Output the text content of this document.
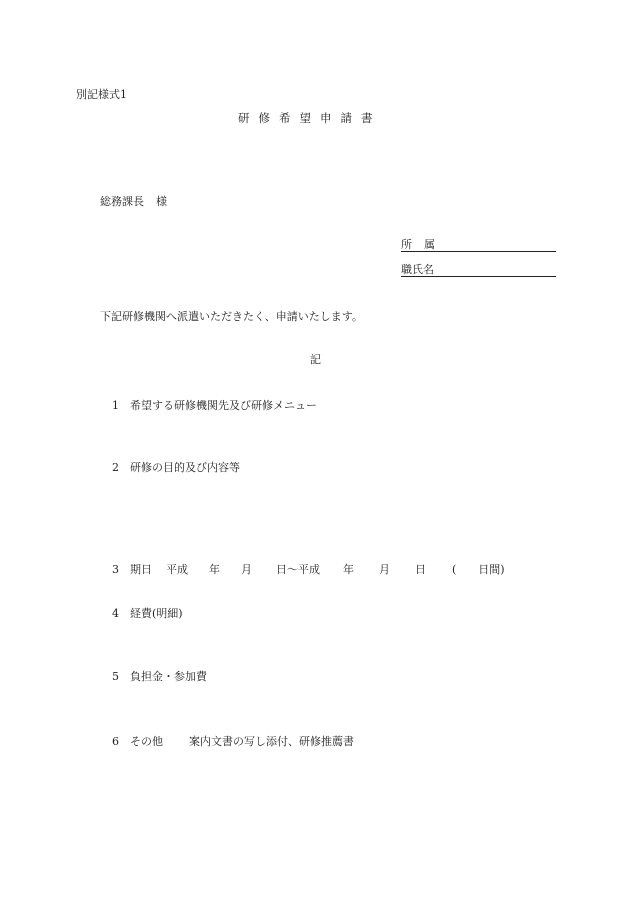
別記様式1
研修希望申請書
総務課長 様
所属
職氏名
下記研修機関へ派遣いただきたく、申請いたします。
記
1 希望する研修機関先及び研修メニュー
2 研修の目的及び内容等
3 期日 平成 年 月 日〜平成 年 月 日 ( 日間)
4 経費(明細)
5 負担金・参加費
6 その他 案内文書の写し添付、研修推薦書
